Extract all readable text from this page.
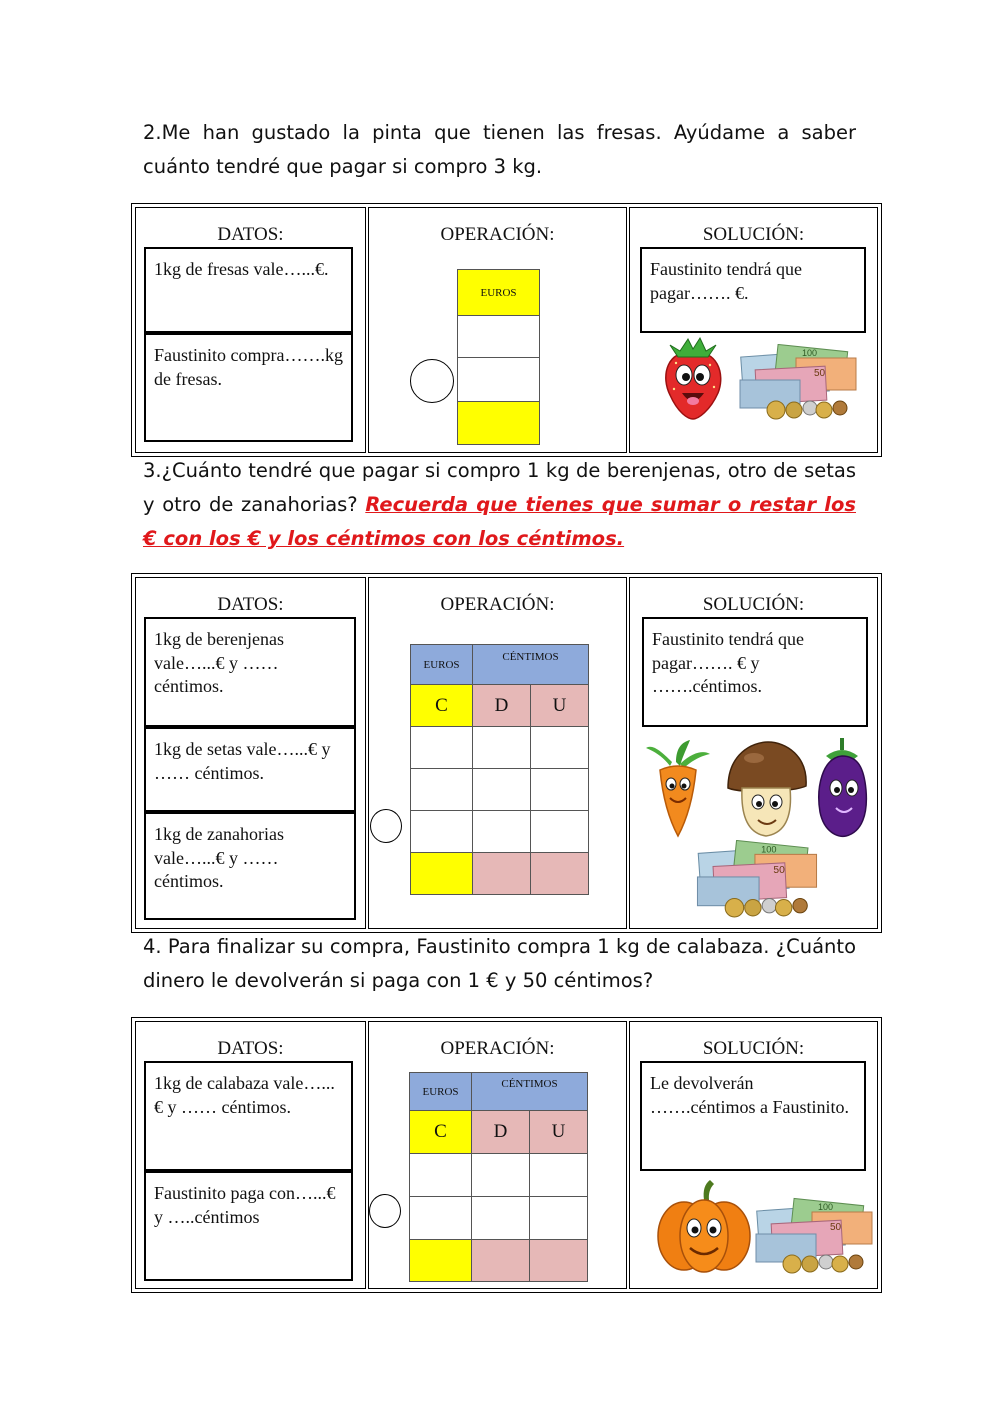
2.Me han gustado la pinta que tienen las fresas. Ayúdame a saber cuánto tendré que pagar si compro 3 kg.

DATOS:	OPERACIÓN:	SOLUCIÓN:
1kg de fresas vale…...€.
Faustinito compra…….kg de fresas.
EUROS

Faustinito tendrá que pagar……. €.
50
100

3.¿Cuánto tendré que pagar si compro 1 kg de berenjenas, otro de setas y otro de zanahorias? Recuerda que tienes que sumar o restar los € con los € y los céntimos con los céntimos.

DATOS:	OPERACIÓN:	SOLUCIÓN:
1kg de berenjenas vale…...€ y …… céntimos.
1kg de setas vale…...€ y …… céntimos.
1kg de zanahorias vale…...€ y …… céntimos.
EUROS	CÉNTIMOS	
C	D	U

Faustinito tendrá que pagar……. € y …….céntimos.
50
100

4. Para finalizar su compra, Faustinito compra 1 kg de calabaza. ¿Cuánto dinero le devolverán si paga con 1 € y 50 céntimos?

DATOS:	OPERACIÓN:	SOLUCIÓN:
1kg de calabaza vale…...€ y …… céntimos.
Faustinito paga con…...€ y …..céntimos
EUROS	CÉNTIMOS	
C	D	U

Le devolverán …….céntimos a Faustinito.
50
100
